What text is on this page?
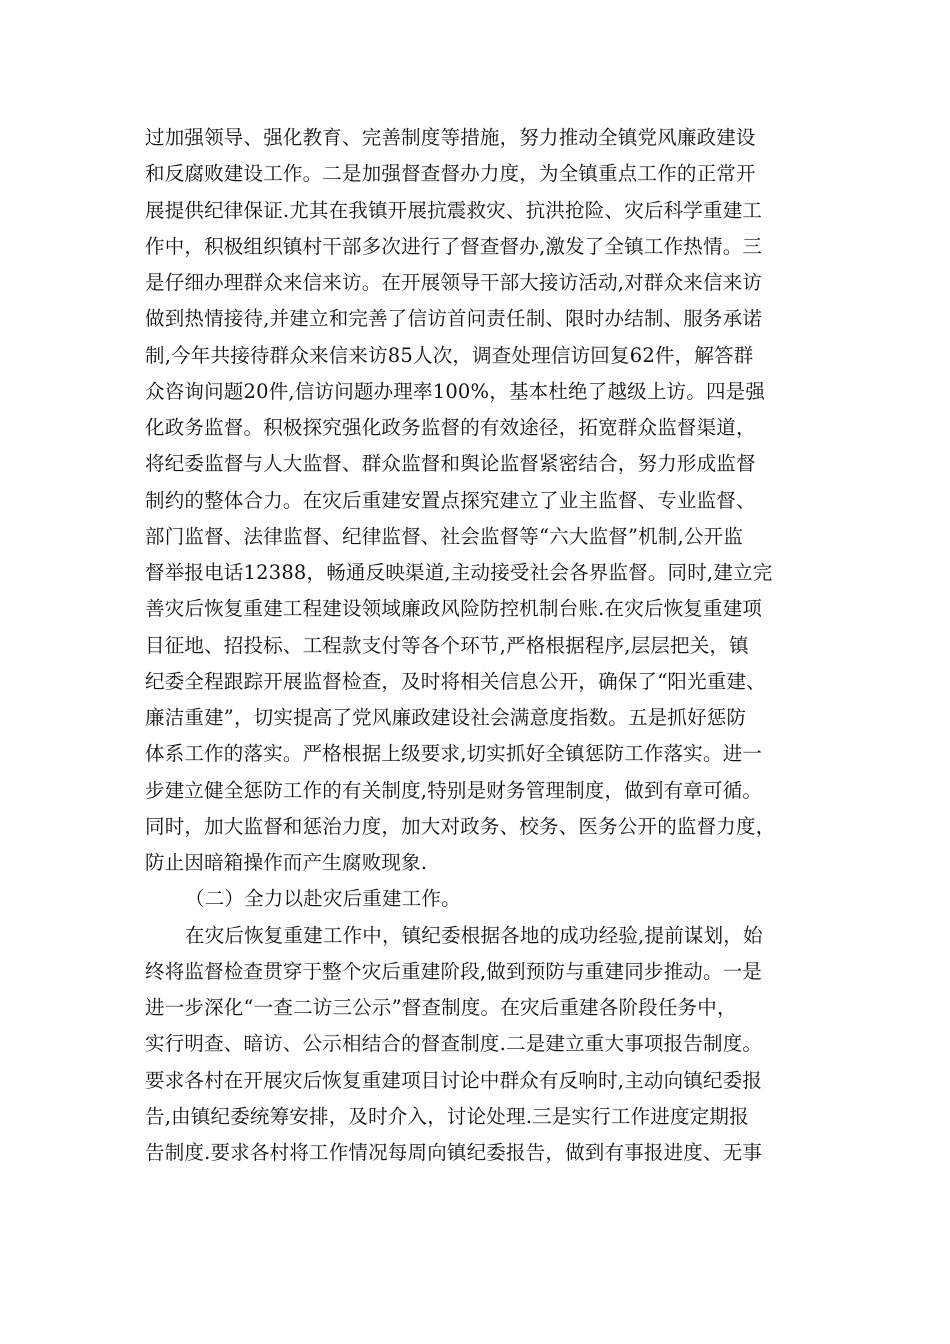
过加强领导、强化教育、完善制度等措施，努力推动全镇党风廉政建设
和反腐败建设工作。二是加强督查督办力度，为全镇重点工作的正常开
展提供纪律保证.尤其在我镇开展抗震救灾、抗洪抢险、灾后科学重建工
作中，积极组织镇村干部多次进行了督查督办,激发了全镇工作热情。三
是仔细办理群众来信来访。在开展领导干部大接访活动,对群众来信来访
做到热情接待,并建立和完善了信访首问责任制、限时办结制、服务承诺
制,今年共接待群众来信来访85人次，调查处理信访回复62件，解答群
众咨询问题20件,信访问题办理率100%，基本杜绝了越级上访。四是强
化政务监督。积极探究强化政务监督的有效途径，拓宽群众监督渠道，
将纪委监督与人大监督、群众监督和舆论监督紧密结合，努力形成监督
制约的整体合力。在灾后重建安置点探究建立了业主监督、专业监督、
部门监督、法律监督、纪律监督、社会监督等“六大监督”机制,公开监
督举报电话12388，畅通反映渠道,主动接受社会各界监督。同时,建立完
善灾后恢复重建工程建设领域廉政风险防控机制台账.在灾后恢复重建项
目征地、招投标、工程款支付等各个环节,严格根据程序,层层把关，镇
纪委全程跟踪开展监督检查，及时将相关信息公开，确保了“阳光重建、
廉洁重建”，切实提高了党风廉政建设社会满意度指数。五是抓好惩防
体系工作的落实。严格根据上级要求,切实抓好全镇惩防工作落实。进一
步建立健全惩防工作的有关制度,特别是财务管理制度，做到有章可循。
同时，加大监督和惩治力度，加大对政务、校务、医务公开的监督力度，
防止因暗箱操作而产生腐败现象.
（二）全力以赴灾后重建工作。
在灾后恢复重建工作中，镇纪委根据各地的成功经验,提前谋划，始
终将监督检查贯穿于整个灾后重建阶段,做到预防与重建同步推动。一是
进一步深化“一查二访三公示”督查制度。在灾后重建各阶段任务中，
实行明查、暗访、公示相结合的督查制度.二是建立重大事项报告制度。
要求各村在开展灾后恢复重建项目讨论中群众有反响时,主动向镇纪委报
告,由镇纪委统筹安排，及时介入，讨论处理.三是实行工作进度定期报
告制度.要求各村将工作情况每周向镇纪委报告，做到有事报进度、无事
